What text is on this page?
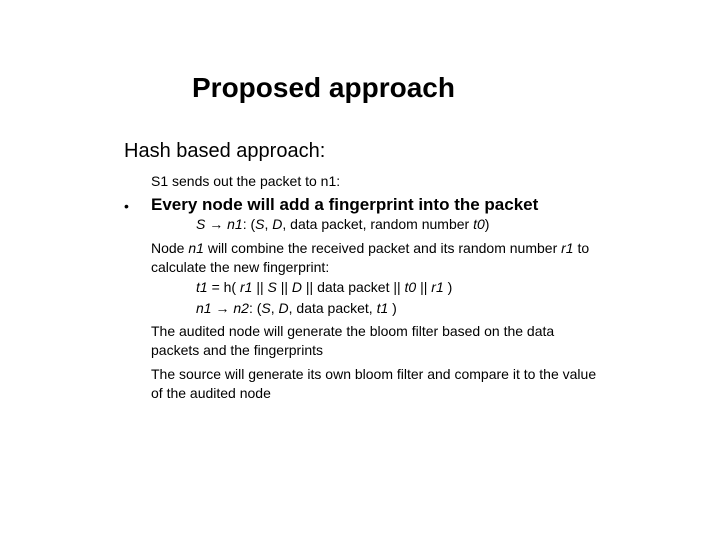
Proposed approach
Hash based approach:
S1 sends out the packet to n1:
• Every node will add a fingerprint into the packet
S → n1: (S, D, data packet, random number t0)
Node n1 will combine the received packet and its random number r1 to calculate the new fingerprint:
t1 = h( r1 || S || D || data packet || t0 || r1 )
n1 → n2: (S, D, data packet, t1 )
The audited node will generate the bloom filter based on the data packets and the fingerprints
The source will generate its own bloom filter and compare it to the value of the audited node
